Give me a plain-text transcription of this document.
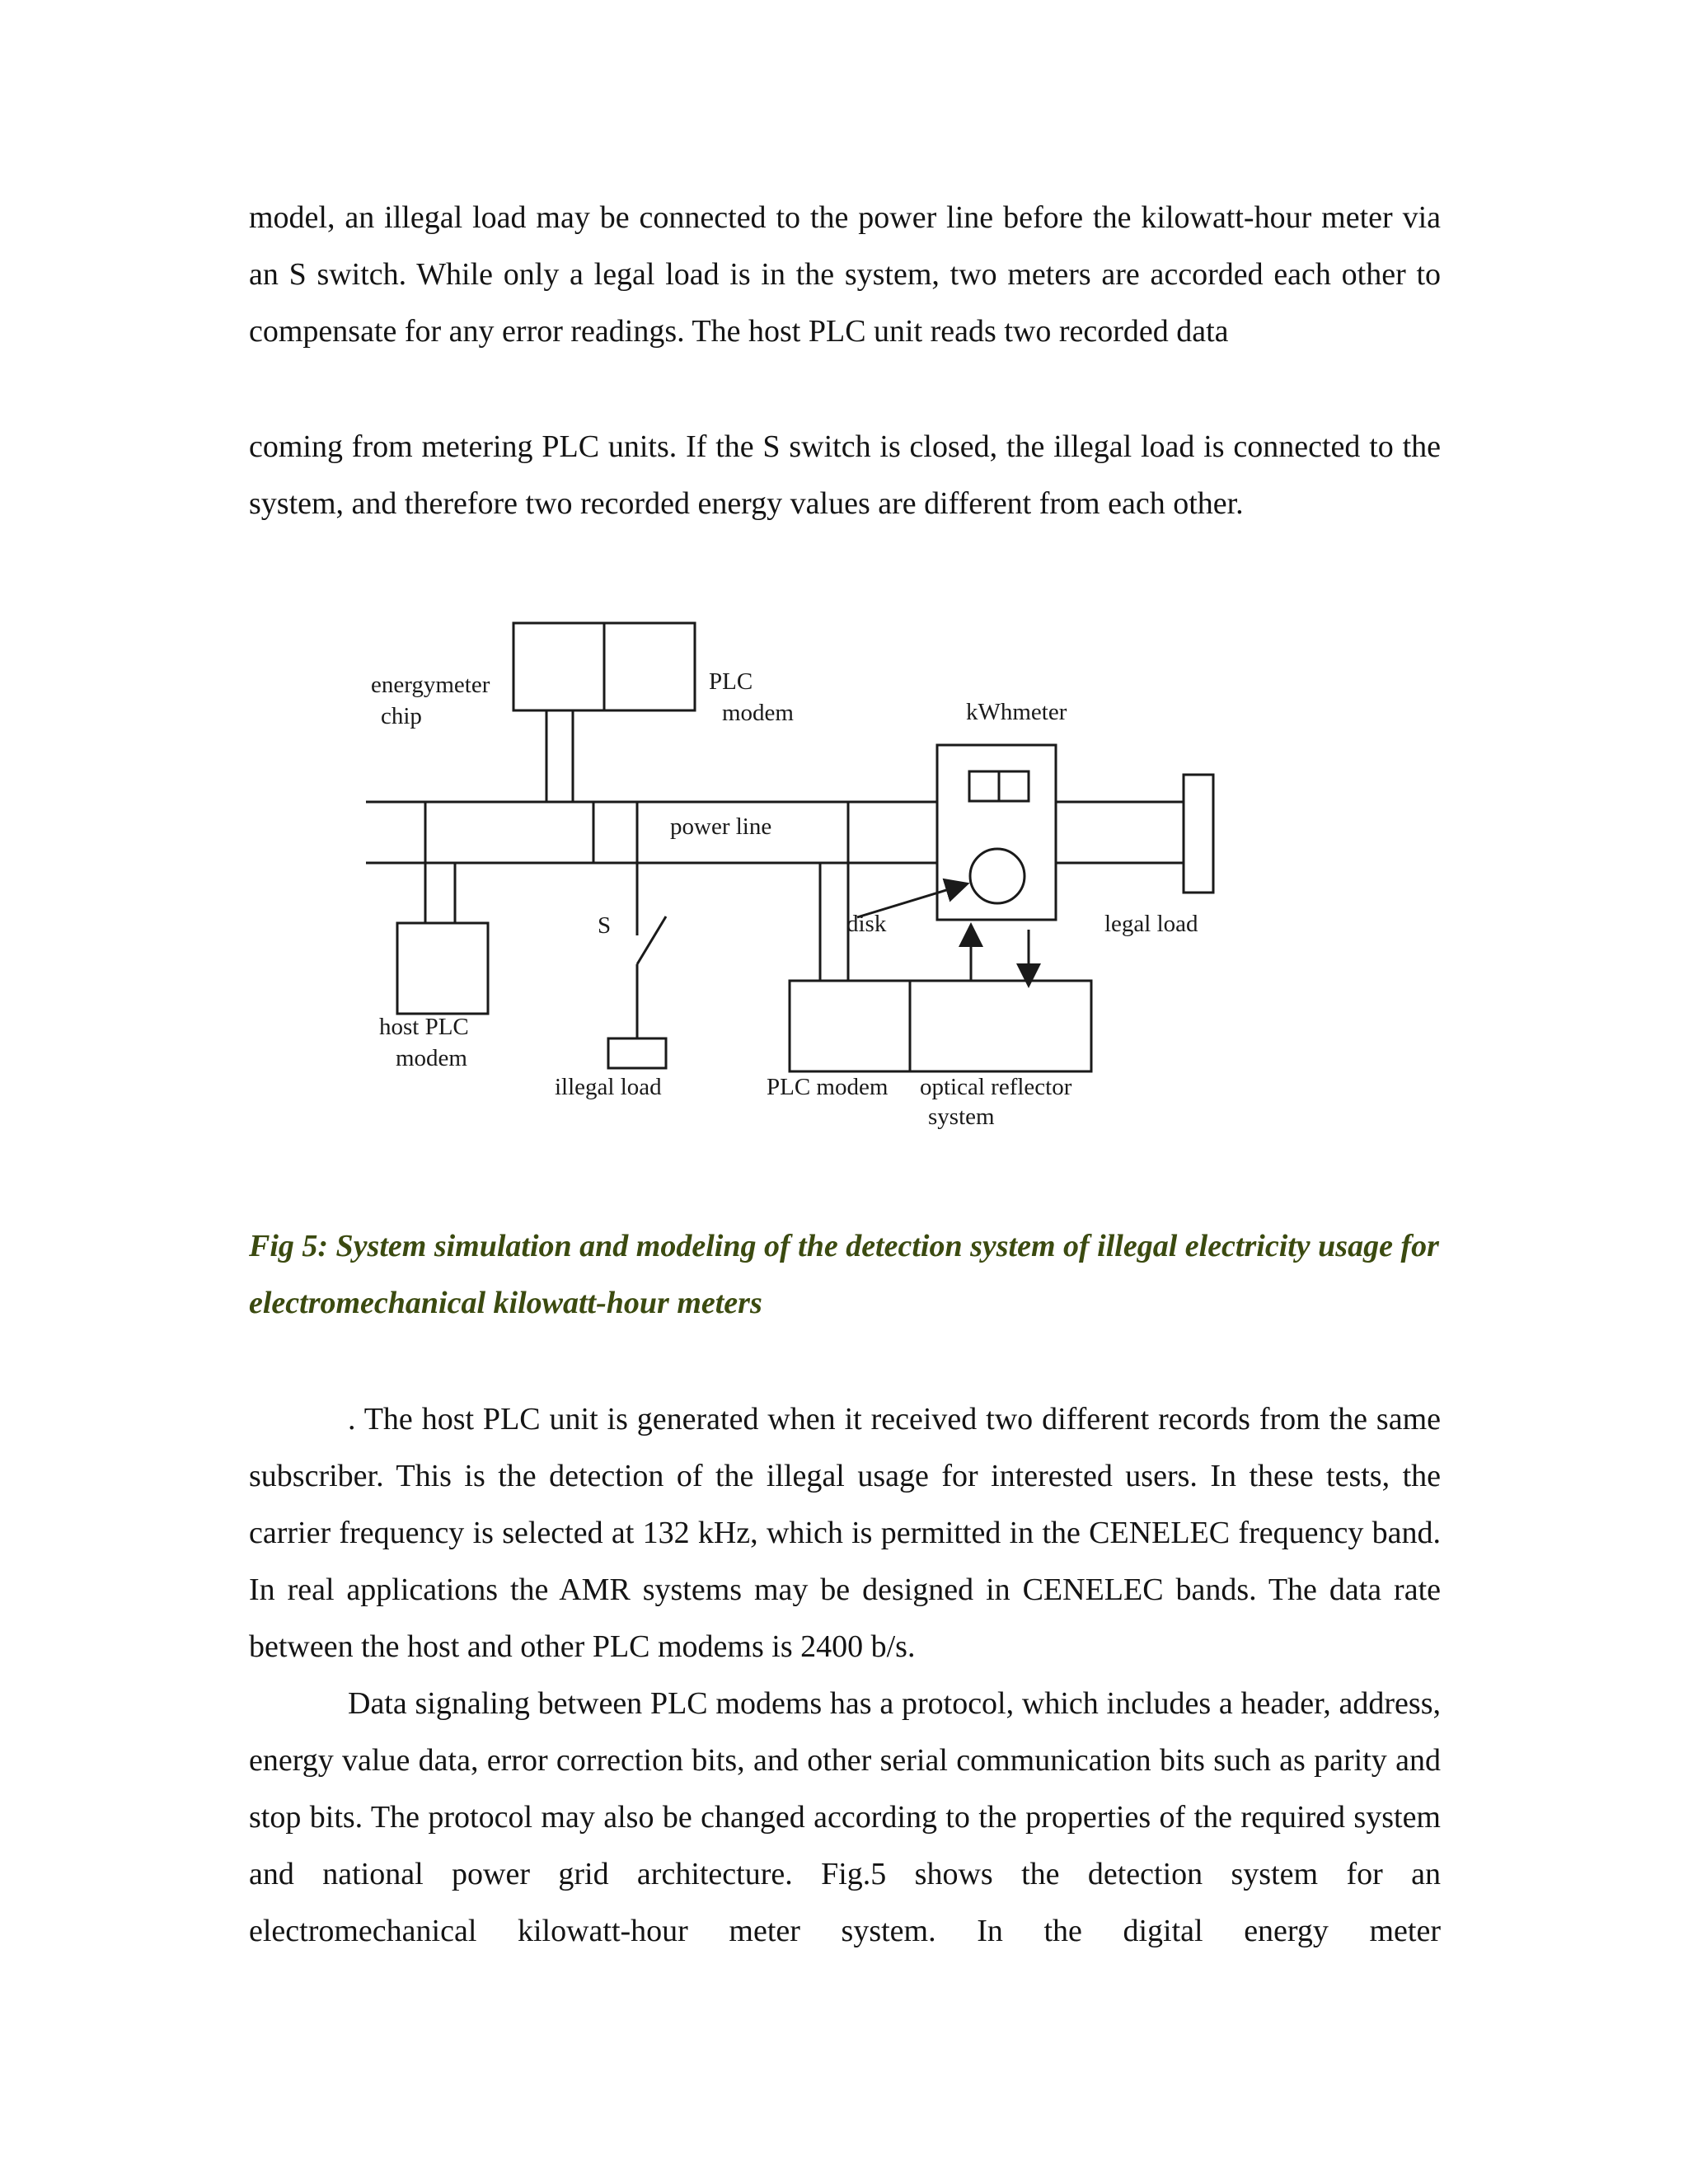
model, an illegal load may be connected to the power line before the kilowatt-hour meter via an S switch. While only a legal load is in the system, two meters are accorded each other to compensate for any error readings. The host PLC unit reads two recorded data

coming from metering PLC units. If the S switch is closed, the illegal load is connected to the system, and therefore two recorded energy values are different from each other.

energymeter
chip
PLC
modem	kWhmeter
power line
S	disk	legal load
host PLC
modem
illegal load	PLC modem optical reflector
system

Fig 5: System simulation and modeling of the detection system of illegal electricity usage for electromechanical kilowatt-hour meters

. The host PLC unit is generated when it received two different records from the same subscriber. This is the detection of the illegal usage for interested users. In these tests, the carrier frequency is selected at 132 kHz, which is permitted in the CENELEC frequency band. In real applications the AMR systems may be designed in CENELEC bands. The data rate between the host and other PLC modems is 2400 b/s.

Data signaling between PLC modems has a protocol, which includes a header, address, energy value data, error correction bits, and other serial communication bits such as parity and stop bits. The protocol may also be changed according to the properties of the required system and national power grid architecture. Fig.5 shows the detection system for an electromechanical kilowatt-hour meter system. In the digital energy meter
